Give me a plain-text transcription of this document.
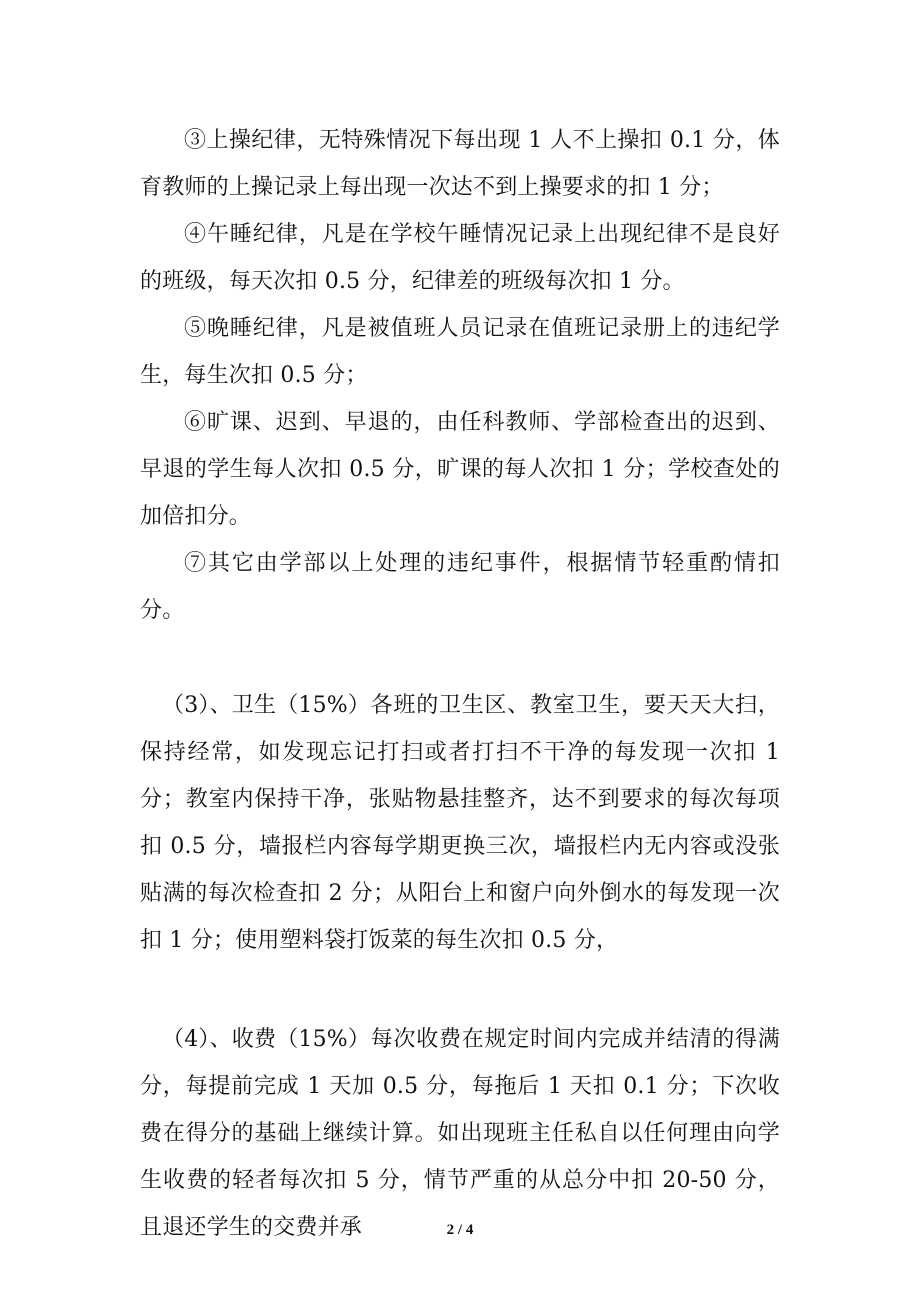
③上操纪律，无特殊情况下每出现 1 人不上操扣 0.1 分，体育教师的上操记录上每出现一次达不到上操要求的扣 1 分；

④午睡纪律，凡是在学校午睡情况记录上出现纪律不是良好的班级，每天次扣 0.5 分，纪律差的班级每次扣 1 分。

⑤晚睡纪律，凡是被值班人员记录在值班记录册上的违纪学生，每生次扣 0.5 分；

⑥旷课、迟到、早退的，由任科教师、学部检查出的迟到、早退的学生每人次扣 0.5 分，旷课的每人次扣 1 分；学校查处的加倍扣分。

⑦其它由学部以上处理的违纪事件，根据情节轻重酌情扣分。

（3）、卫生（15%）各班的卫生区、教室卫生，要天天大扫，保持经常，如发现忘记打扫或者打扫不干净的每发现一次扣 1 分；教室内保持干净，张贴物悬挂整齐，达不到要求的每次每项扣 0.5 分，墙报栏内容每学期更换三次，墙报栏内无内容或没张贴满的每次检查扣 2 分；从阳台上和窗户向外倒水的每发现一次扣 1 分；使用塑料袋打饭菜的每生次扣 0.5 分，

（4）、收费（15%）每次收费在规定时间内完成并结清的得满分，每提前完成 1 天加 0.5 分，每拖后 1 天扣 0.1 分；下次收费在得分的基础上继续计算。如出现班主任私自以任何理由向学生收费的轻者每次扣 5 分，情节严重的从总分中扣 20-50 分，且退还学生的交费并承	2 / 4
